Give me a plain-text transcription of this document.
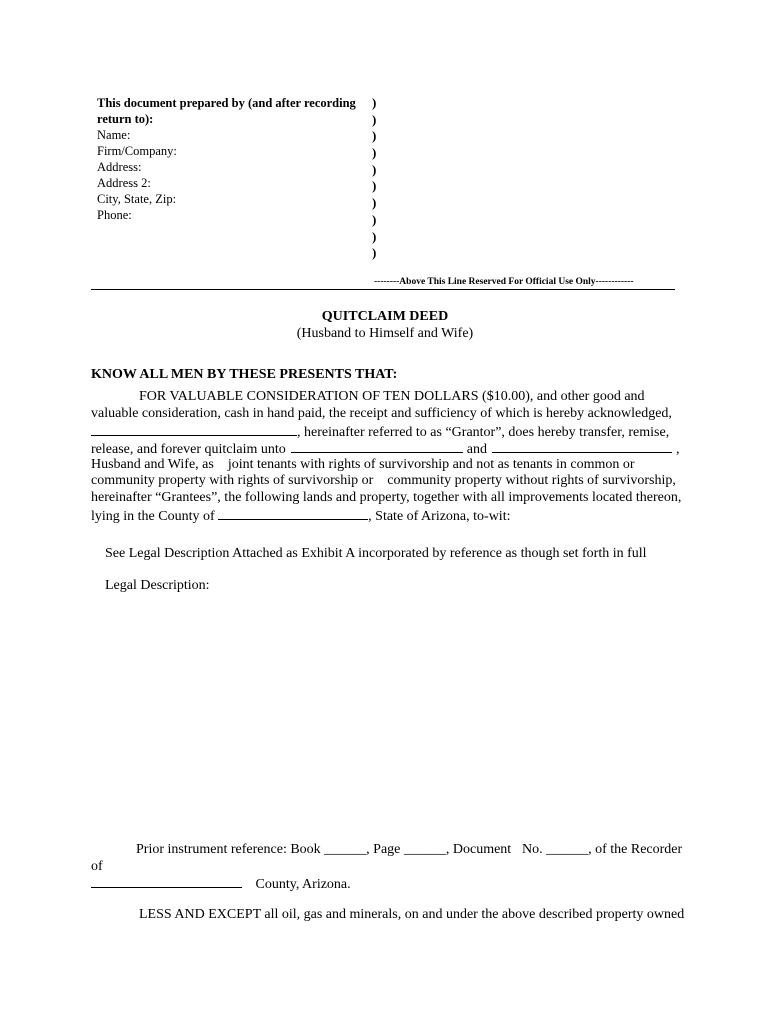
This document prepared by (and after recording
return to):
Name:
Firm/Company:
Address:
Address 2:
City, State, Zip:
Phone:
)
)
)
)
)
)
)
)
)
)
--------Above This Line Reserved For Official Use Only------------
QUITCLAIM DEED
(Husband to Himself and Wife)
KNOW ALL MEN BY THESE PRESENTS THAT:
FOR VALUABLE CONSIDERATION OF TEN DOLLARS ($10.00), and other good and
valuable consideration, cash in hand paid, the receipt and sufficiency of which is hereby acknowledged,
, hereinafter referred to as “Grantor”, does hereby transfer, remise,
release, and forever quitclaim unto	and	,
Husband and Wife, as    joint tenants with rights of survivorship and not as tenants in common or
community property with rights of survivorship or    community property without rights of survivorship,
hereinafter “Grantees”, the following lands and property, together with all improvements located thereon,
lying in the County of	, State of Arizona, to-wit:
See Legal Description Attached as Exhibit A incorporated by reference as though set forth in full
Legal Description:
Prior instrument reference: Book ______, Page ______, Document No. ______, of the Recorder
of
County, Arizona.
LESS AND EXCEPT all oil, gas and minerals, on and under the above described property owned
